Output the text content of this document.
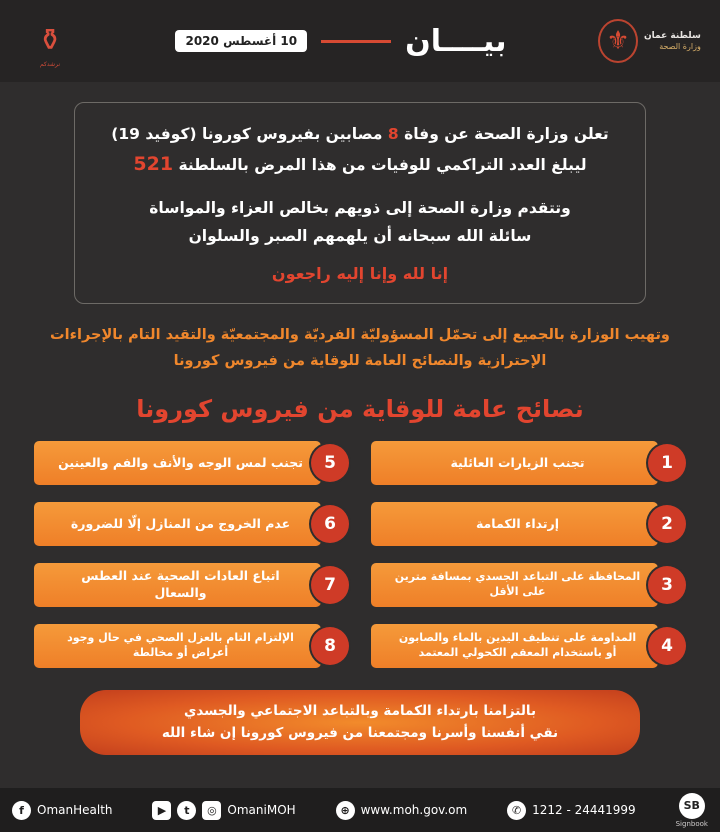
سلطنة عمان
وزارة الصحة
⚜
بيــــان
10 أغسطس 2020
⚱
نرشدكم
تعلن وزارة الصحة عن وفاة 8 مصابين بفيروس كورونا (كوفيد 19)
ليبلغ العدد التراكمي للوفيات من هذا المرض بالسلطنة 521
وتتقدم وزارة الصحة إلى ذويهم بخالص العزاء والمواساة
سائلة الله سبحانه أن يلهمهم الصبر والسلوان
إنا لله وإنا إليه راجعون
وتهيب الوزارة بالجميع إلى تحمّل المسؤوليّة الفرديّة والمجتمعيّة والتقيد التام بالإجراءات
الإحترازية والنصائح العامة للوقاية من فيروس كورونا
نصائح عامة للوقاية من فيروس كورونا
1
تجنب الزيارات العائلية
5
تجنب لمس الوجه والأنف والفم والعينين
2
إرتداء الكمامة
6
عدم الخروج من المنازل إلّا للضرورة
3
المحافظة على التباعد الجسدي بمسافة مترين على الأقل
7
اتباع العادات الصحية عند العطس والسعال
4
المداومة على تنظيف اليدين بالماء والصابون أو باستخدام المعقم الكحولي المعتمد
8
الإلتزام التام بالعزل الصحي في حال وجود أعراض أو مخالطة
بالتزامنا بارتداء الكمامة وبالتباعد الاجتماعي والجسدي
نقي أنفسنا وأسرنا ومجتمعنا من فيروس كورونا إن شاء الله
f	OmanHealth	▶	t	◎ OmaniMOH	⊕ www.moh.gov.om	✆ 1212 - 24441999	SB
Signbook
